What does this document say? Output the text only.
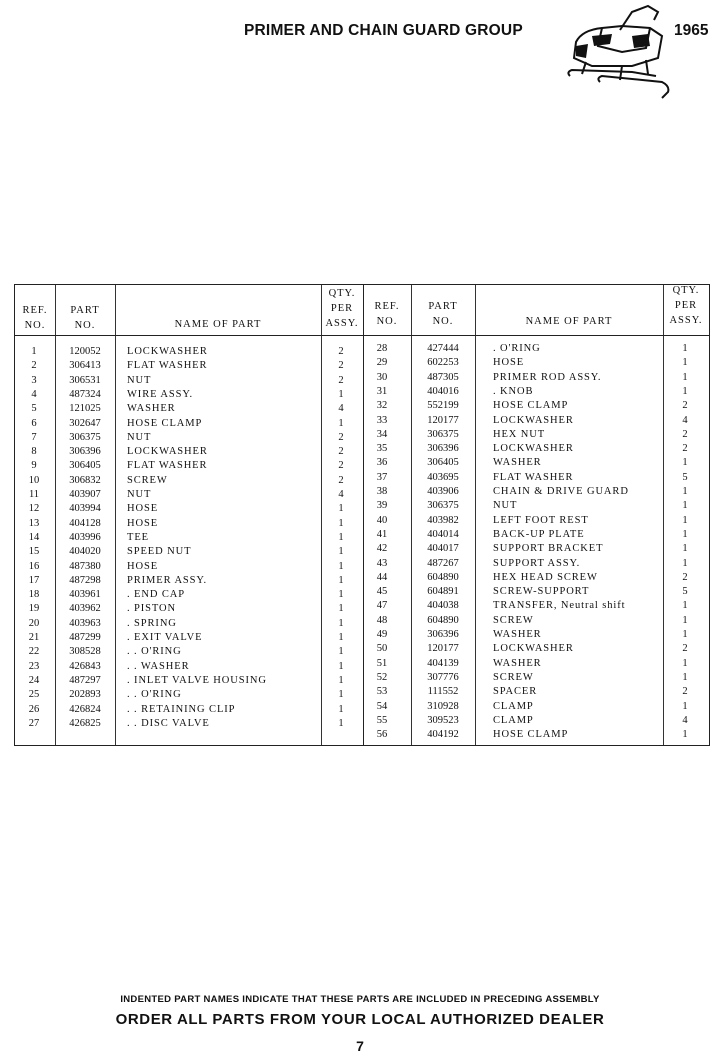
PRIMER AND CHAIN GUARD GROUP	1965
REF.
NO.
PART
NO.	NAME OF PART
QTY.
PER
ASSY.
REF.
NO.
PART
NO.	NAME OF PART
QTY.
PER
ASSY.
1	120052	LOCKWASHER	2
2	306413	FLAT WASHER	2
3	306531	NUT	2
4	487324	WIRE ASSY.	1
5	121025	WASHER	4
6	302647	HOSE CLAMP	1
7	306375	NUT	2
8	306396	LOCKWASHER	2
9	306405	FLAT WASHER	2
10	306832	SCREW	2
11	403907	NUT	4
12	403994	HOSE	1
13	404128	HOSE	1
14	403996	TEE	1
15	404020	SPEED NUT	1
16	487380	HOSE	1
17	487298	PRIMER ASSY.	1
18	403961	. END CAP	1
19	403962	. PISTON	1
20	403963	. SPRING	1
21	487299	. EXIT VALVE	1
22	308528	. . O'RING	1
23	426843	. . WASHER	1
24	487297	. INLET VALVE HOUSING	1
25	202893	. . O'RING	1
26	426824	. . RETAINING CLIP	1
27	426825	. . DISC VALVE	1
28	427444	. O'RING	1
29	602253	HOSE	1
30	487305	PRIMER ROD ASSY.	1
31	404016	. KNOB	1
32	552199	HOSE CLAMP	2
33	120177	LOCKWASHER	4
34	306375	HEX NUT	2
35	306396	LOCKWASHER	2
36	306405	WASHER	1
37	403695	FLAT WASHER	5
38	403906	CHAIN & DRIVE GUARD	1
39	306375	NUT	1
40	403982	LEFT FOOT REST	1
41	404014	BACK-UP PLATE	1
42	404017	SUPPORT BRACKET	1
43	487267	SUPPORT ASSY.	1
44	604890	HEX HEAD SCREW	2
45	604891	SCREW-SUPPORT	5
47	404038	TRANSFER, Neutral shift	1
48	604890	SCREW	1
49	306396	WASHER	1
50	120177	LOCKWASHER	2
51	404139	WASHER	1
52	307776	SCREW	1
53	111552	SPACER	2
54	310928	CLAMP	1
55	309523	CLAMP	4
56	404192	HOSE CLAMP	1
INDENTED PART NAMES INDICATE THAT THESE PARTS ARE INCLUDED IN PRECEDING ASSEMBLY
ORDER ALL PARTS FROM YOUR LOCAL AUTHORIZED DEALER
7
